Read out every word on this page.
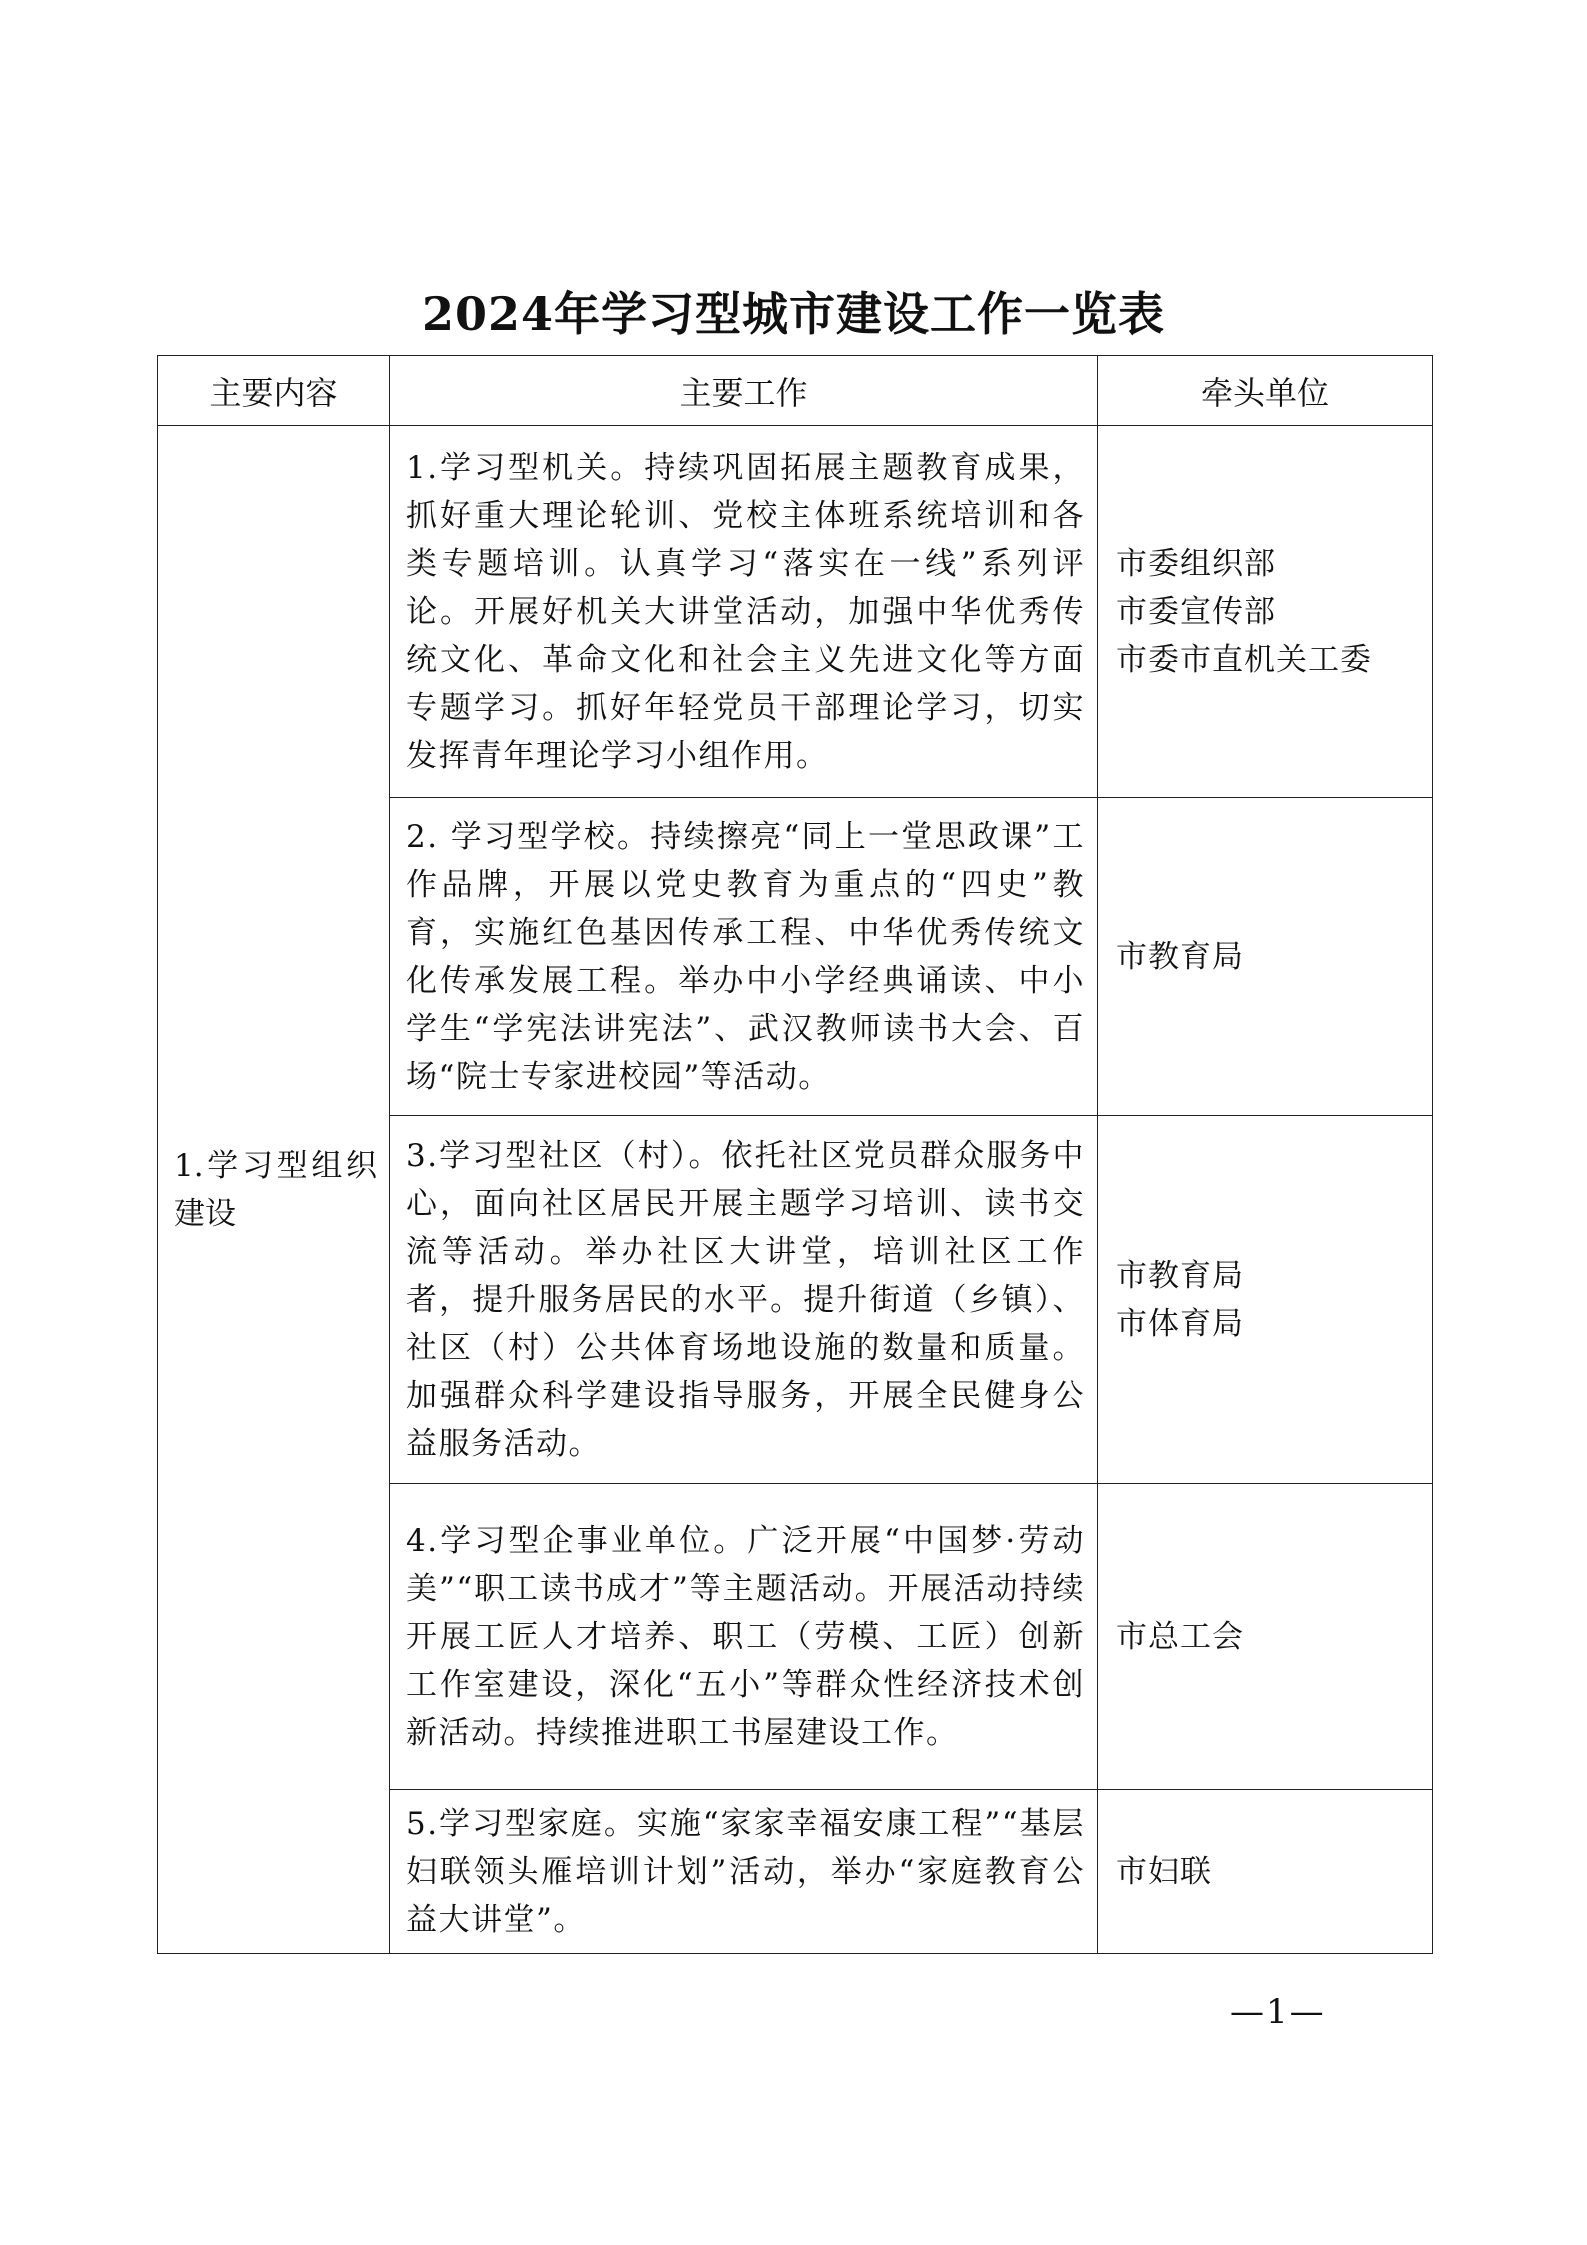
2024年学习型城市建设工作一览表
主要内容	主要工作	牵头单位
1.学习型组织建设	1.学习型机关。持续巩固拓展主题教育成果，抓好重大理论轮训、党校主体班系统培训和各类专题培训。认真学习“落实在一线”系列评论。开展好机关大讲堂活动，加强中华优秀传统文化、革命文化和社会主义先进文化等方面专题学习。抓好年轻党员干部理论学习，切实发挥青年理论学习小组作用。	市委组织部
市委宣传部
市委市直机关工委

	2. 学习型学校。持续擦亮“同上一堂思政课”工作品牌，开展以党史教育为重点的“四史”教育，实施红色基因传承工程、中华优秀传统文化传承发展工程。举办中小学经典诵读、中小学生“学宪法讲宪法”、武汉教师读书大会、百场“院士专家进校园”等活动。	市教育局

	3.学习型社区（村）。依托社区党员群众服务中心，面向社区居民开展主题学习培训、读书交流等活动。举办社区大讲堂，培训社区工作者，提升服务居民的水平。提升街道（乡镇）、社区（村）公共体育场地设施的数量和质量。加强群众科学建设指导服务，开展全民健身公益服务活动。	市教育局
市体育局

	4.学习型企事业单位。广泛开展“中国梦·劳动美”“职工读书成才”等主题活动。开展活动持续开展工匠人才培养、职工（劳模、工匠）创新工作室建设，深化“五小”等群众性经济技术创新活动。持续推进职工书屋建设工作。	市总工会

	5.学习型家庭。实施“家家幸福安康工程”“基层妇联领头雁培训计划”活动，举办“家庭教育公益大讲堂”。	市妇联
—1—
